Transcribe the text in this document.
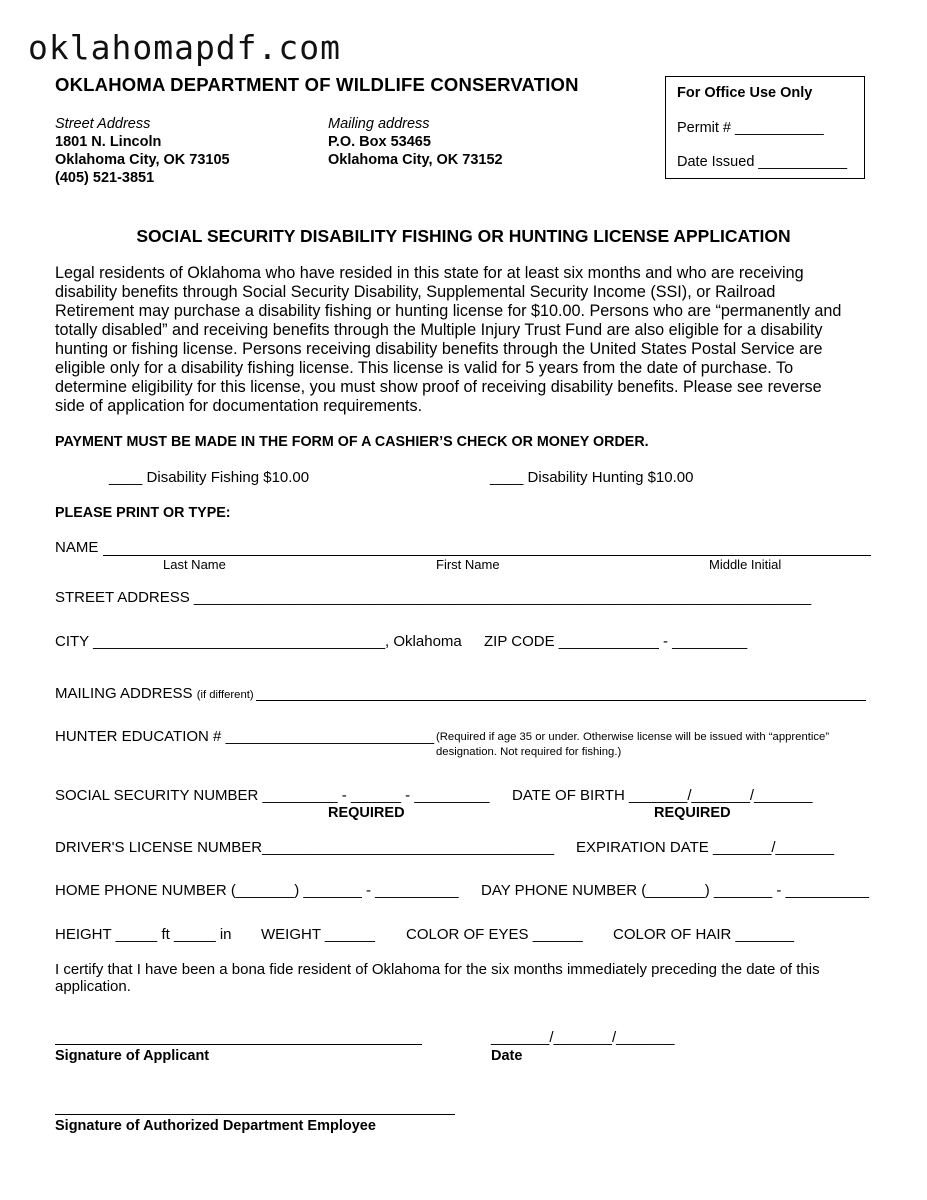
oklahomapdf.com
OKLAHOMA DEPARTMENT OF WILDLIFE CONSERVATION
Street Address
1801 N. Lincoln
Oklahoma City, OK 73105
(405) 521-3851
Mailing address
P.O. Box 53465
Oklahoma City, OK 73152
For Office Use Only
Permit # ___________
Date Issued ___________
SOCIAL SECURITY DISABILITY FISHING OR HUNTING LICENSE APPLICATION
Legal residents of Oklahoma who have resided in this state for at least six months and who are receiving
disability benefits through Social Security Disability, Supplemental Security Income (SSI), or Railroad
Retirement may purchase a disability fishing or hunting license for $10.00. Persons who are “permanently and
totally disabled” and receiving benefits through the Multiple Injury Trust Fund are also eligible for a disability
hunting or fishing license. Persons receiving disability benefits through the United States Postal Service are
eligible only for a disability fishing license. This license is valid for 5 years from the date of purchase. To
determine eligibility for this license, you must show proof of receiving disability benefits. Please see reverse
side of application for documentation requirements.
PAYMENT MUST BE MADE IN THE FORM OF A CASHIER’S CHECK OR MONEY ORDER.
____ Disability Fishing $10.00	____ Disability Hunting $10.00
PLEASE PRINT OR TYPE:
NAME
Last Name	First Name	Middle Initial
STREET ADDRESS __________________________________________________________________________
CITY ___________________________________, Oklahoma ZIP CODE ____________ - _________
MAILING ADDRESS (if different)
HUNTER EDUCATION # _________________________ (Required if age 35 or under. Otherwise license will be issued with “apprentice”
designation. Not required for fishing.)
SOCIAL SECURITY NUMBER _________ - ______ - _________
REQUIRED
DATE OF BIRTH _______/_______/_______
REQUIRED
DRIVER'S LICENSE NUMBER___________________________________ EXPIRATION DATE _______/_______
HOME PHONE NUMBER (_______) _______ - __________ DAY PHONE NUMBER (_______) _______ - __________
HEIGHT _____ ft _____ in WEIGHT ______ COLOR OF EYES ______ COLOR OF HAIR _______
I certify that I have been a bona fide resident of Oklahoma for the six months immediately preceding the date of this
application.
Signature of Applicant
_______/_______/_______
Date
Signature of Authorized Department Employee
